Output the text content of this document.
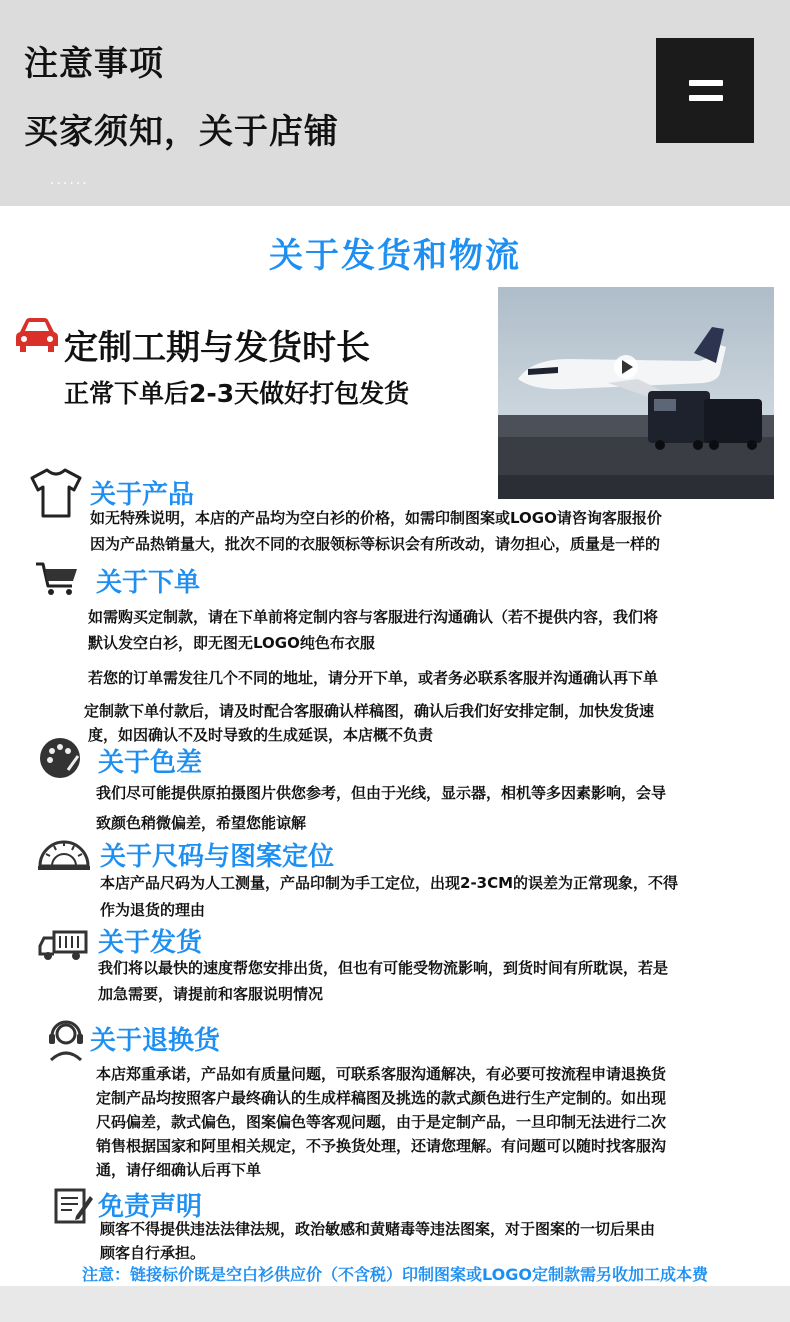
注意事项
买家须知，关于店铺
......
关于发货和物流
定制工期与发货时长
正常下单后2-3天做好打包发货
关于产品
如无特殊说明，本店的产品均为空白衫的价格，如需印制图案或LOGO请咨询客服报价
因为产品热销量大，批次不同的衣服领标等标识会有所改动，请勿担心，质量是一样的
关于下单
如需购买定制款，请在下单前将定制内容与客服进行沟通确认（若不提供内容，我们将
默认发空白衫，即无图无LOGO纯色布衣服
若您的订单需发往几个不同的地址，请分开下单，或者务必联系客服并沟通确认再下单
定制款下单付款后，请及时配合客服确认样稿图，确认后我们好安排定制，加快发货速
度，如因确认不及时导致的生成延误，本店概不负责
关于色差
我们尽可能提供原拍摄图片供您参考，但由于光线，显示器，相机等多因素影响，会导
致颜色稍微偏差，希望您能谅解
关于尺码与图案定位
本店产品尺码为人工测量，产品印制为手工定位，出现2-3CM的误差为正常现象，不得
作为退货的理由
关于发货
我们将以最快的速度帮您安排出货，但也有可能受物流影响，到货时间有所耽误，若是
加急需要，请提前和客服说明情况
关于退换货
本店郑重承诺，产品如有质量问题，可联系客服沟通解决，有必要可按流程申请退换货
定制产品均按照客户最终确认的生成样稿图及挑选的款式颜色进行生产定制的。如出现
尺码偏差，款式偏色，图案偏色等客观问题，由于是定制产品，一旦印制无法进行二次
销售根据国家和阿里相关规定，不予换货处理，还请您理解。有问题可以随时找客服沟
通，请仔细确认后再下单
免责声明
顾客不得提供违法法律法规，政治敏感和黄赌毒等违法图案，对于图案的一切后果由
顾客自行承担。
注意：链接标价既是空白衫供应价（不含税）印制图案或LOGO定制款需另收加工成本费
